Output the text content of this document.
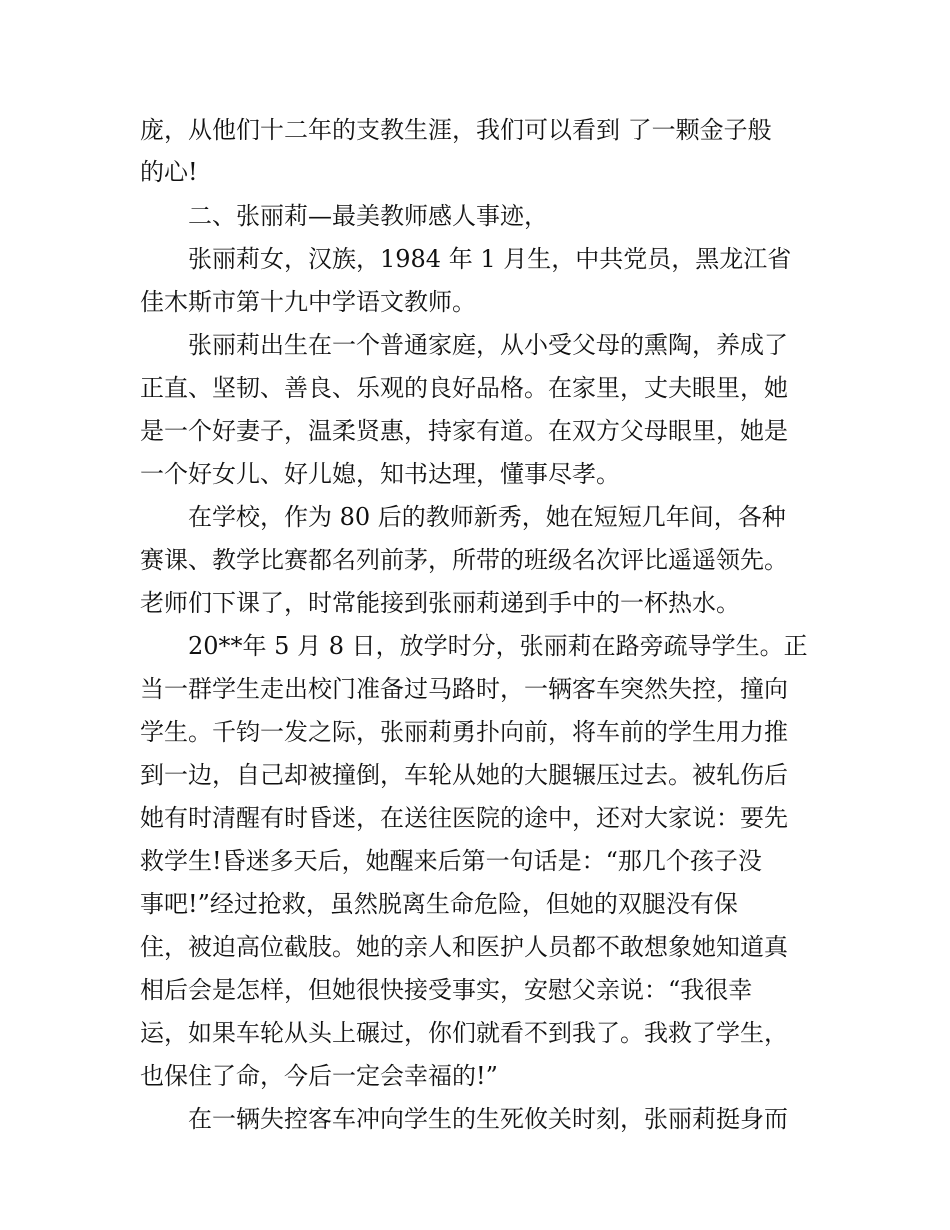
庞，从他们十二年的支教生涯，我们可以看到 了一颗金子般
的心!
二、张丽莉—最美教师感人事迹，
张丽莉女，汉族，1984 年 1 月生，中共党员，黑龙江省
佳木斯市第十九中学语文教师。
张丽莉出生在一个普通家庭，从小受父母的熏陶，养成了
正直、坚韧、善良、乐观的良好品格。在家里，丈夫眼里，她
是一个好妻子，温柔贤惠，持家有道。在双方父母眼里，她是
一个好女儿、好儿媳，知书达理，懂事尽孝。
在学校，作为 80 后的教师新秀，她在短短几年间，各种
赛课、教学比赛都名列前茅，所带的班级名次评比遥遥领先。
老师们下课了，时常能接到张丽莉递到手中的一杯热水。
20**年 5 月 8 日，放学时分，张丽莉在路旁疏导学生。正
当一群学生走出校门准备过马路时，一辆客车突然失控，撞向
学生。千钧一发之际，张丽莉勇扑向前，将车前的学生用力推
到一边，自己却被撞倒，车轮从她的大腿辗压过去。被轧伤后
她有时清醒有时昏迷，在送往医院的途中，还对大家说：要先
救学生!昏迷多天后，她醒来后第一句话是：“那几个孩子没
事吧!”经过抢救，虽然脱离生命危险，但她的双腿没有保
住，被迫高位截肢。她的亲人和医护人员都不敢想象她知道真
相后会是怎样，但她很快接受事实，安慰父亲说：“我很幸
运，如果车轮从头上碾过，你们就看不到我了。我救了学生，
也保住了命，今后一定会幸福的!”
在一辆失控客车冲向学生的生死攸关时刻，张丽莉挺身而
